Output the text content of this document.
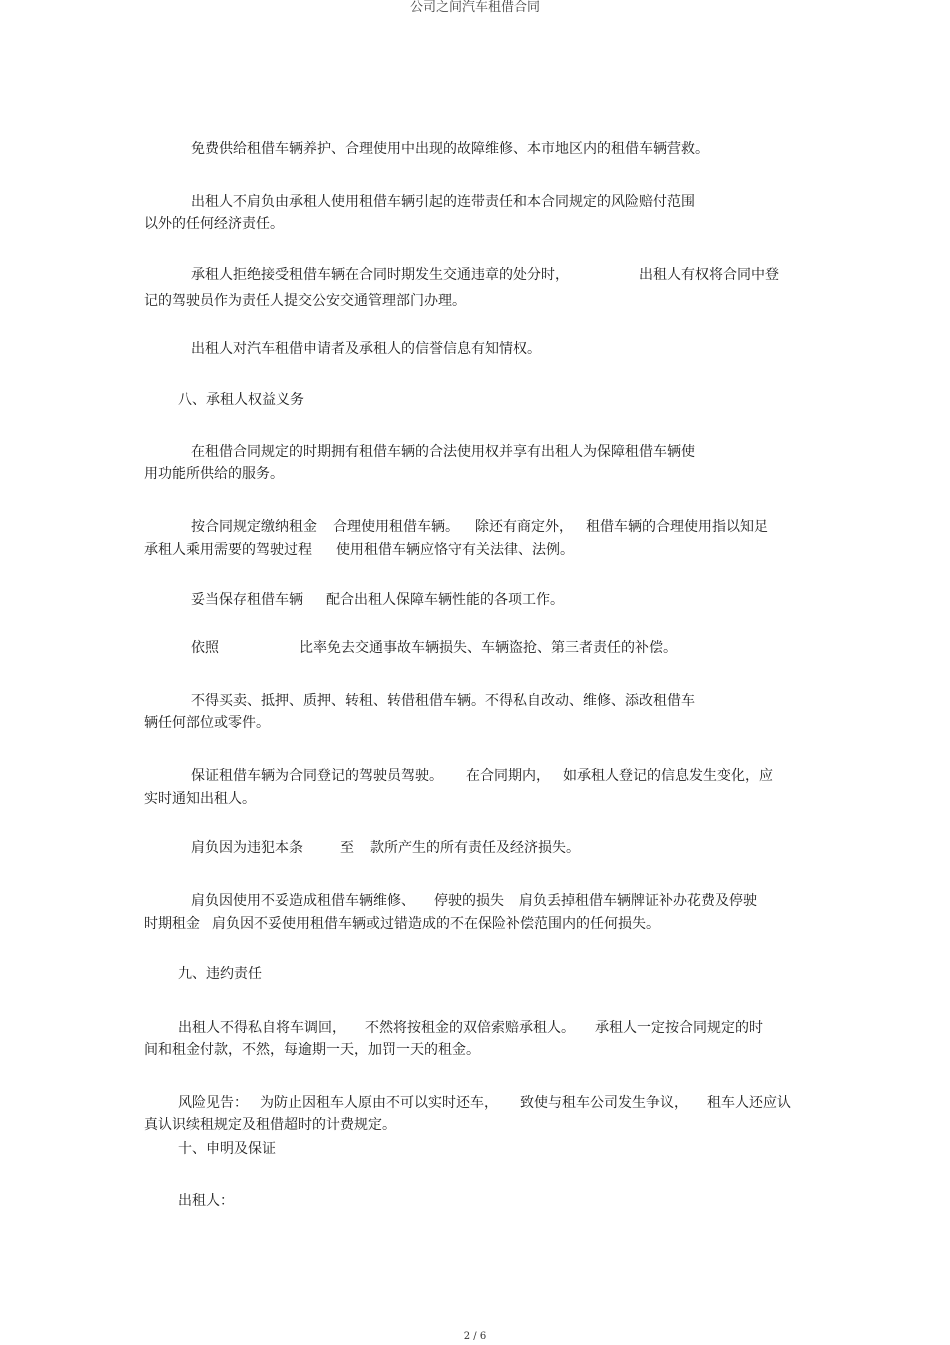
公司之间汽车租借合同
免费供给租借车辆养护、合理使用中出现的故障维修、本市地区内的租借车辆营救。
出租人不肩负由承租人使用租借车辆引起的连带责任和本合同规定的风险赔付范围
以外的任何经济责任。
承租人拒绝接受租借车辆在合同时期发生交通违章的处分时，	出租人有权将合同中登
记的驾驶员作为责任人提交公安交通管理部门办理。
出租人对汽车租借申请者及承租人的信誉信息有知情权。
八、承租人权益义务
在租借合同规定的时期拥有租借车辆的合法使用权并享有出租人为保障租借车辆使
用功能所供给的服务。
按合同规定缴纳租金 合理使用租借车辆。 除还有商定外， 租借车辆的合理使用指以知足
承租人乘用需要的驾驶过程 使用租借车辆应恪守有关法律、法例。
妥当保存租借车辆 配合出租人保障车辆性能的各项工作。
依照	比率免去交通事故车辆损失、车辆盗抢、第三者责任的补偿。
不得买卖、抵押、质押、转租、转借租借车辆。不得私自改动、维修、添改租借车
辆任何部位或零件。
保证租借车辆为合同登记的驾驶员驾驶。 在合同期内， 如承租人登记的信息发生变化，应
实时通知出租人。
肩负因为违犯本条	至 款所产生的所有责任及经济损失。
肩负因使用不妥造成租借车辆维修、 停驶的损失 肩负丢掉租借车辆牌证补办花费及停驶
时期租金 肩负因不妥使用租借车辆或过错造成的不在保险补偿范围内的任何损失。
九、违约责任
出租人不得私自将车调回， 不然将按租金的双倍索赔承租人。 承租人一定按合同规定的时
间和租金付款，不然，每逾期一天，加罚一天的租金。
风险见告： 为防止因租车人原由不可以实时还车， 致使与租车公司发生争议， 租车人还应认
真认识续租规定及租借超时的计费规定。
十、申明及保证
出租人：
2 / 6
